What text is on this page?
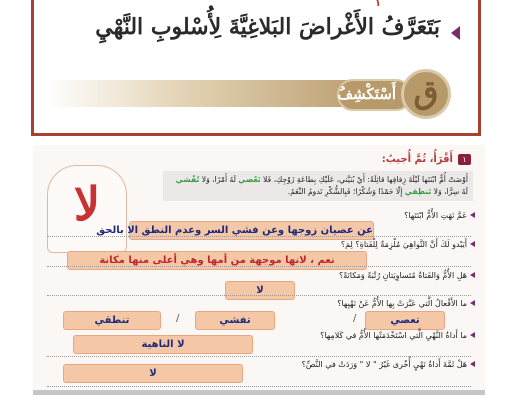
١
بَتَعَرَّفُ الأَغْراضَ البَلاغِيَّةَ لِأُسْلوبِ النَّهْيِ
أَسْتَكْشِفُ ق
١
أَقْرَأُ، ثُمَّ أُجيبُ:
لا	أَوْصَتْ أُمٌّ ابْنَتَها لَيْلَةَ زِفافِها قائِلَةً: أَيْ بُنَيَّتي، عَلَيْكِ بِطاعَةِ زَوْجِكِ، فَلا تَعْصي لَهُ أَمْرًا، وَلا تُفْشي لَهُ سِرًّا، وَلا تَنطِقي إِلّا حَمْدًا وَشُكْرًا؛ فَبِالشُّكْرِ تَدومُ النِّعَمُ.
عَمَّ نَهَتِ الأُمُّ ابْنَتَها؟
عن عصيان زوجها وعن فشي السر وعدم النطق الا بالحق
أَيَبْدو لَكَ أَنَّ النَّواهِيَ مُلْزِمَةٌ لِلْفَتاةِ؟ لِمَ؟
نعم ، لانها موجهة من أمها وهي أعلى منها مكانة
هَلِ الأُمُّ وَالفَتاةُ مُتَساوِيَتانِ رُتْبَةً وَمَكانَةً؟
لا
ما الأَفْعالُ الَّتي عَبَّرَتْ بِها الأُمُّ عَنْ نَهْيِها؟
تعصي
/
تفشي
/
تنطقي
ما أَداةُ النَّهْيِ الَّتي اسْتَخْدَمَتْها الأُمُّ في كَلامِها؟
لا الناهية
هَلْ ثَمَّةَ أَداةُ نَهْيٍ أُخْرى غَيْرُ " لا " وَرَدَتْ في النَّصِّ؟
لا
